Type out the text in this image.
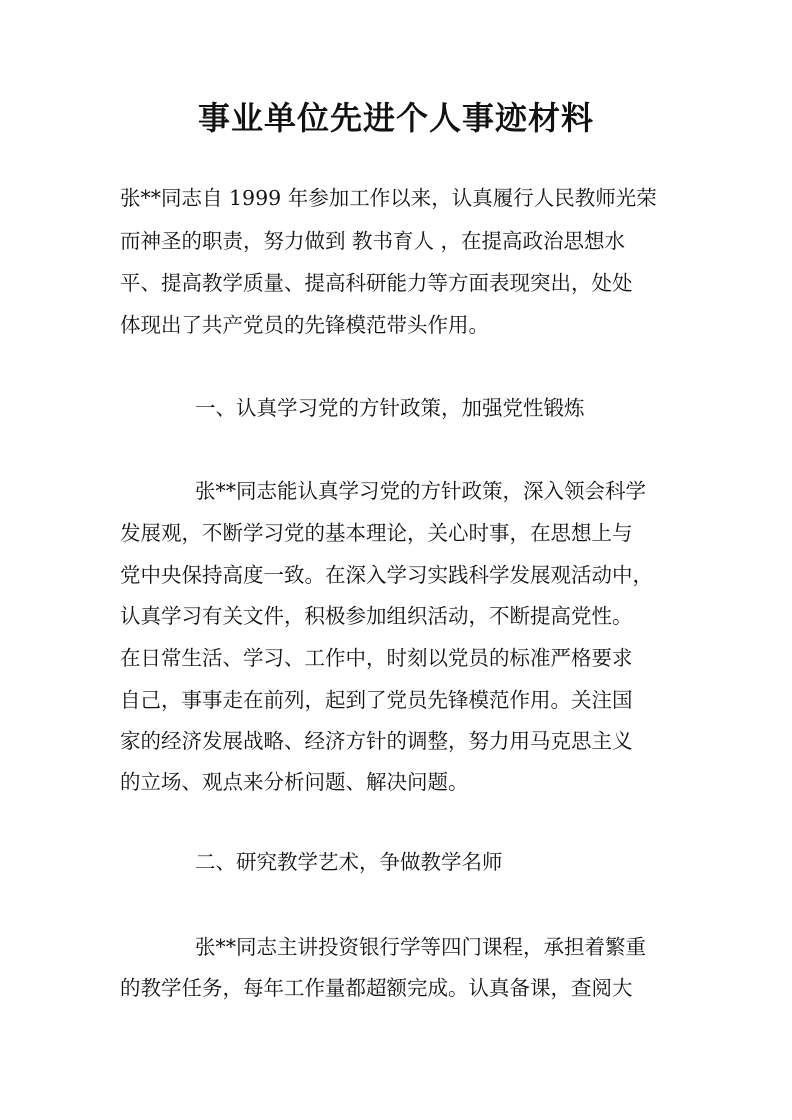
事业单位先进个人事迹材料

张**同志自 1999 年参加工作以来，认真履行人民教师光荣

而神圣的职责，努力做到 教书育人 ，在提高政治思想水

平、提高教学质量、提高科研能力等方面表现突出，处处

体现出了共产党员的先锋模范带头作用。

一、认真学习党的方针政策，加强党性锻炼

张**同志能认真学习党的方针政策，深入领会科学

发展观，不断学习党的基本理论，关心时事，在思想上与

党中央保持高度一致。在深入学习实践科学发展观活动中，

认真学习有关文件，积极参加组织活动，不断提高党性。

在日常生活、学习、工作中，时刻以党员的标准严格要求

自己，事事走在前列，起到了党员先锋模范作用。关注国

家的经济发展战略、经济方针的调整，努力用马克思主义

的立场、观点来分析问题、解决问题。

二、研究教学艺术，争做教学名师

张**同志主讲投资银行学等四门课程，承担着繁重

的教学任务，每年工作量都超额完成。认真备课，查阅大
